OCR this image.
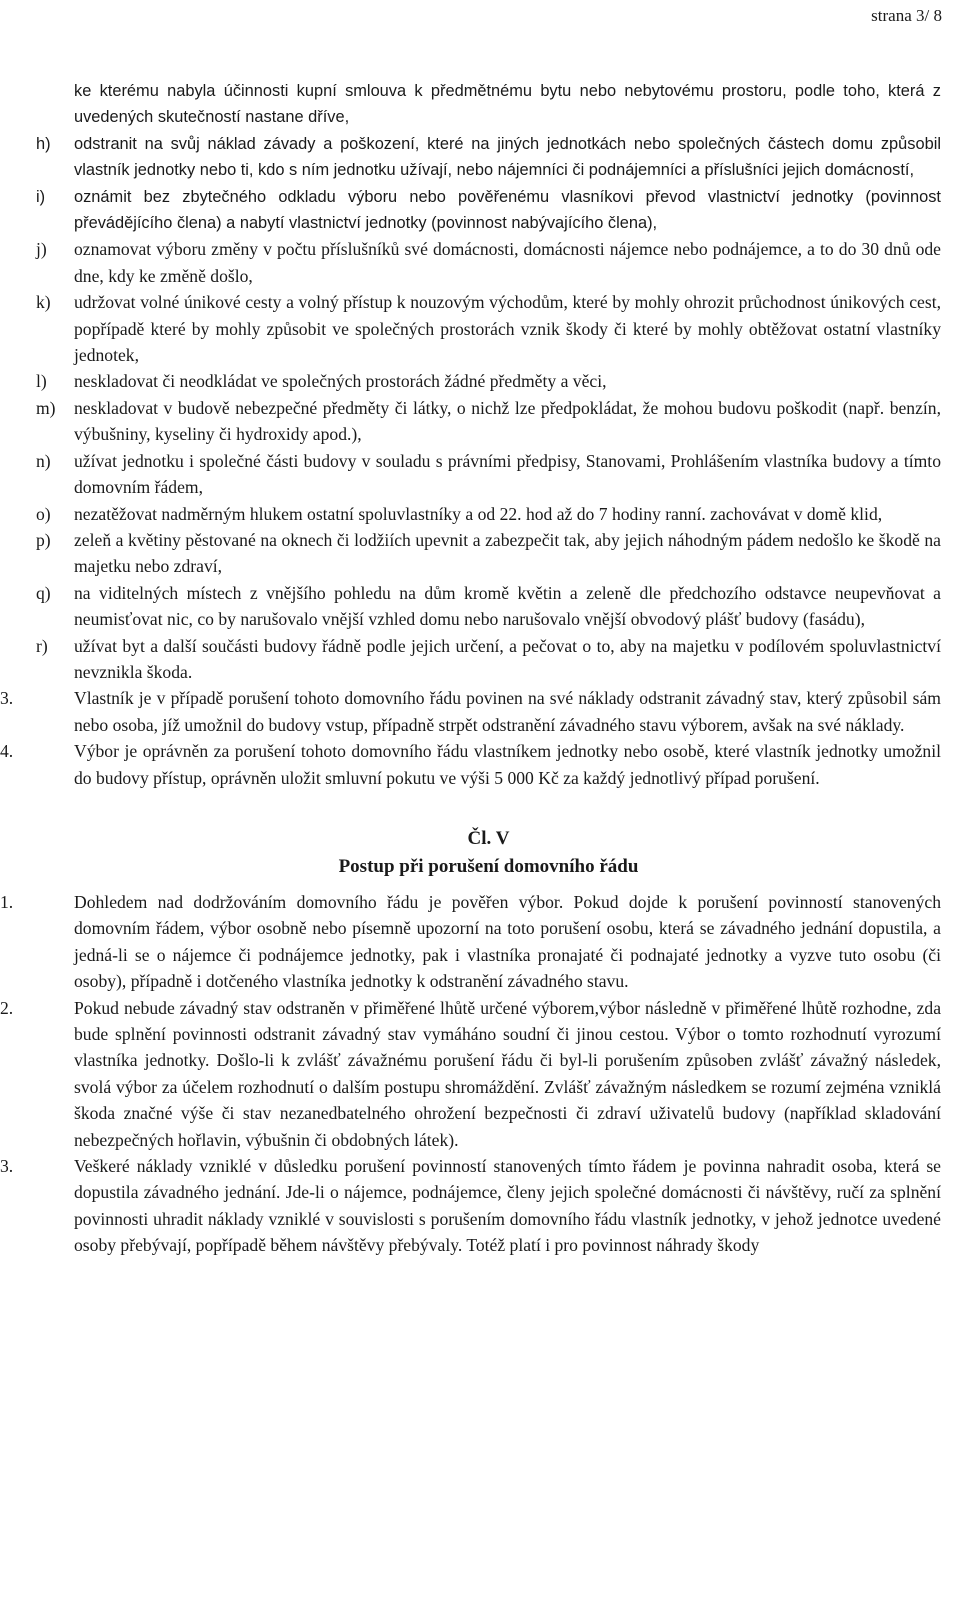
strana 3/ 8
ke kterému nabyla účinnosti kupní smlouva k předmětnému bytu nebo nebytovému prostoru, podle toho, která z uvedených skutečností nastane dříve,
h) odstranit na svůj náklad závady a poškození, které na jiných jednotkách nebo společných částech domu způsobil vlastník jednotky nebo ti, kdo s ním jednotku užívají, nebo nájemníci či podnájemníci a příslušníci jejich domácností,
i) oznámit bez zbytečného odkladu výboru nebo pověřenému vlasníkovi převod vlastnictví jednotky (povinnost převádějícího člena) a nabytí vlastnictví jednotky (povinnost nabývajícího člena),
j) oznamovat výboru změny v počtu příslušníků své domácnosti, domácnosti nájemce nebo podnájemce, a to do 30 dnů ode dne, kdy ke změně došlo,
k) udržovat volné únikové cesty a volný přístup k nouzovým východům, které by mohly ohrozit průchodnost únikových cest, popřípadě které by mohly způsobit ve společných prostorách vznik škody či které by mohly obtěžovat ostatní vlastníky jednotek,
l) neskladovat či neodkládat ve společných prostorách žádné předměty a věci,
m) neskladovat v budově nebezpečné předměty či látky, o nichž lze předpokládat, že mohou budovu poškodit (např. benzín, výbušniny, kyseliny či hydroxidy apod.),
n) užívat jednotku i společné části budovy v souladu s právními předpisy, Stanovami, Prohlášením vlastníka budovy a tímto domovním řádem,
o) nezatěžovat nadměrným hlukem ostatní spoluvlastníky a od 22. hod až do 7 hodiny ranní. zachovávat v domě klid,
p) zeleň a květiny pěstované na oknech či lodžiích upevnit a zabezpečit tak, aby jejich náhodným pádem nedošlo ke škodě na majetku nebo zdraví,
q) na viditelných místech z vnějšího pohledu na dům kromě květin a zeleně dle předchozího odstavce neupevňovat a neumisťovat nic, co by narušovalo vnější vzhled domu nebo narušovalo vnější obvodový plášť budovy (fasádu),
r) užívat byt a další součásti budovy řádně podle jejich určení, a pečovat o to, aby na majetku v podílovém spoluvlastnictví nevznikla škoda.
3.	Vlastník je v případě porušení tohoto domovního řádu povinen na své náklady odstranit závadný stav, který způsobil sám nebo osoba, jíž umožnil do budovy vstup, případně strpět odstranění závadného stavu výborem, avšak na své náklady.
4.	Výbor je oprávněn za porušení tohoto domovního řádu vlastníkem jednotky nebo osobě, které vlastník jednotky umožnil do budovy přístup, oprávněn uložit smluvní pokutu ve výši 5 000 Kč za každý jednotlivý případ porušení.
Čl. V
Postup při porušení domovního řádu
1.	Dohledem nad dodržováním domovního řádu je pověřen výbor. Pokud dojde k porušení povinností stanovených domovním řádem, výbor osobně nebo písemně upozorní na toto porušení osobu, která se závadného jednání dopustila, a jedná-li se o nájemce či podnájemce jednotky, pak i vlastníka pronajaté či podnajaté jednotky a vyzve tuto osobu (či osoby), případně i dotčeného vlastníka jednotky k odstranění závadného stavu.
2.	Pokud nebude závadný stav odstraněn v přiměřené lhůtě určené výborem,výbor následně v přiměřené lhůtě rozhodne, zda bude splnění povinnosti odstranit závadný stav vymáháno soudní či jinou cestou. Výbor o tomto rozhodnutí vyrozumí vlastníka jednotky. Došlo-li k zvlášť závažnému porušení řádu či byl-li porušením způsoben zvlášť závažný následek, svolá výbor za účelem rozhodnutí o dalším postupu shromáždění. Zvlášť závažným následkem se rozumí zejména vzniklá škoda značné výše či stav nezanedbatelného ohrožení bezpečnosti či zdraví uživatelů budovy (například skladování nebezpečných hořlavin, výbušnin či obdobných látek).
3.	Veškeré náklady vzniklé v důsledku porušení povinností stanovených tímto řádem je povinna nahradit osoba, která se dopustila závadného jednání. Jde-li o nájemce, podnájemce, členy jejich společné domácnosti či návštěvy, ručí za splnění povinnosti uhradit náklady vzniklé v souvislosti s porušením domovního řádu vlastník jednotky, v jehož jednotce uvedené osoby přebývají, popřípadě během návštěvy přebývaly. Totéž platí i pro povinnost náhrady škody
